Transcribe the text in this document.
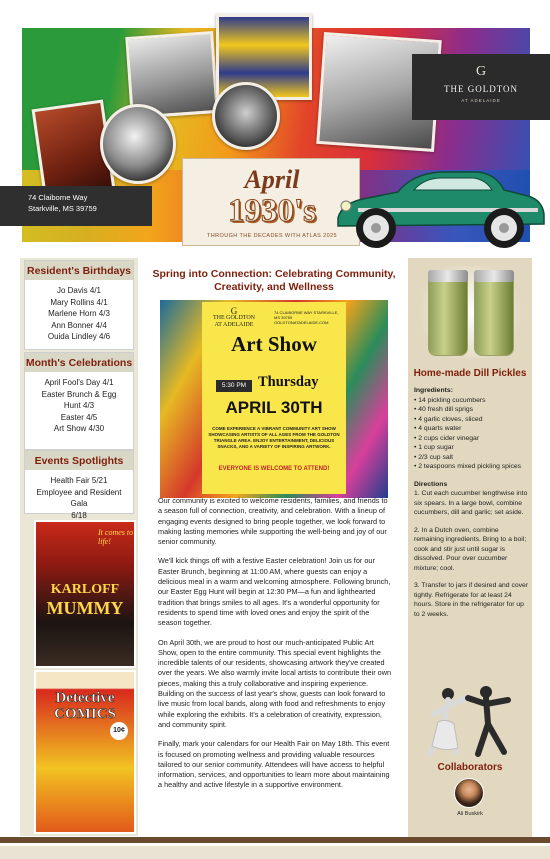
G
THE GOLDTON
AT ADELAIDE
74 Claiborne Way
Starkville, MS 39759
April
1930's
THROUGH THE DECADES WITH ATLAS 2025
Resident's Birthdays
Jo Davis 4/1
Mary Rollins 4/1
Marlene Horn 4/3
Ann Bonner 4/4
Ouida Lindley 4/6
Month's Celebrations
April Fool's Day 4/1
Easter Brunch & Egg
Hunt 4/3
Easter 4/5
Art Show 4/30
Events Spotlights
Health Fair 5/21
Employee and Resident Gala
6/18
It comes to life!
KARLOFF
MUMMY
Detective
COMICS
10¢
Spring into Connection: Celebrating Community,
Creativity, and Wellness
G
THE GOLDTON
AT ADELAIDE
74 CLAIBORNE WAY STARKVILLE, MS 39759 GOLDTONATADELAIDE.COM
Art Show
5:30 PM Thursday
APRIL 30TH
COME EXPERIENCE A VIBRANT COMMUNITY ART SHOW SHOWCASING ARTISTS OF ALL AGES FROM THE GOLDTON TRIANGLE AREA. ENJOY ENTERTAINMENT, DELICIOUS SNACKS, AND A VARIETY OF INSPIRING ARTWORK.
EVERYONE IS WELCOME TO ATTEND!

Our community is excited to welcome residents, families, and friends to a season full of connection, creativity, and celebration. With a lineup of engaging events designed to bring people together, we look forward to making lasting memories while supporting the well-being and joy of our senior community.

We'll kick things off with a festive Easter celebration! Join us for our Easter Brunch, beginning at 11:00 AM, where guests can enjoy a delicious meal in a warm and welcoming atmosphere. Following brunch, our Easter Egg Hunt will begin at 12:30 PM—a fun and lighthearted tradition that brings smiles to all ages. It's a wonderful opportunity for residents to spend time with loved ones and enjoy the spirit of the season together.

On April 30th, we are proud to host our much-anticipated Public Art Show, open to the entire community. This special event highlights the incredible talents of our residents, showcasing artwork they've created over the years. We also warmly invite local artists to contribute their own pieces, making this a truly collaborative and inspiring experience. Building on the success of last year's show, guests can look forward to live music from local bands, along with food and refreshments to enjoy while exploring the exhibits. It's a celebration of creativity, expression, and community spirit.

Finally, mark your calendars for our Health Fair on May 18th. This event is focused on promoting wellness and providing valuable resources tailored to our senior community. Attendees will have access to helpful information, services, and opportunities to learn more about maintaining a healthy and active lifestyle in a supportive environment.

Home-made Dill Pickles
Ingredients:
• 14 pickling cucumbers
• 40 fresh dill sprigs
• 4 garlic cloves, sliced
• 4 quarts water
• 2 cups cider vinegar
• 1 cup sugar
• 2/3 cup salt
• 2 teaspoons mixed pickling spices
Directions

1. Cut each cucumber lengthwise into six spears. In a large bowl, combine cucumbers, dill and garlic; set aside.

2. In a Dutch oven, combine remaining ingredients. Bring to a boil; cook and stir just until sugar is dissolved. Pour over cucumber mixture; cool.

3. Transfer to jars if desired and cover tightly. Refrigerate for at least 24 hours. Store in the refrigerator for up to 2 weeks.

Collaborators
Ali Buskirk
